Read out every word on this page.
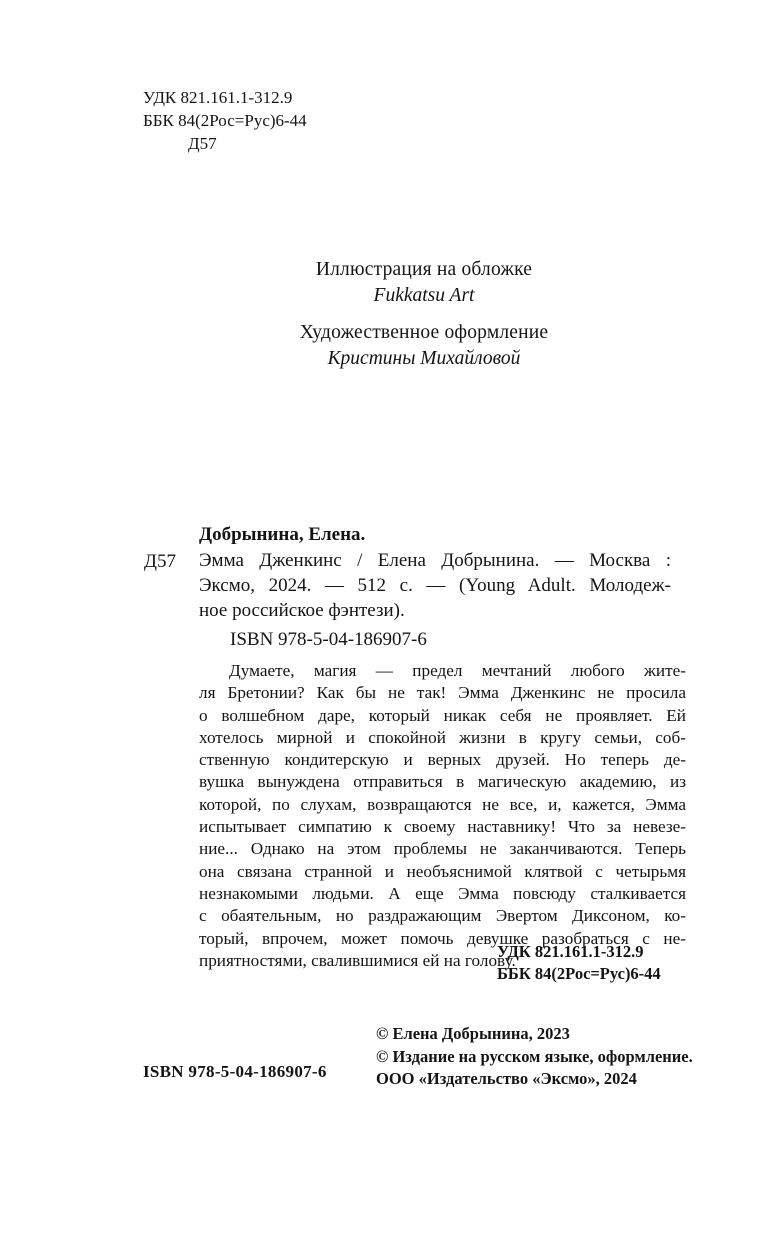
УДК 821.161.1-312.9
ББК 84(2Рос=Рус)6-44
Д57
Иллюстрация на обложке
Fukkatsu Art
Художественное оформление
Кристины Михайловой
Добрынина, Елена.
Д57 Эмма Дженкинс / Елена Добрынина. — Москва :
Эксмо, 2024. — 512 с. — (Young Adult. Молодеж-
ное российское фэнтези).
ISBN 978-5-04-186907-6
Думаете, магия — предел мечтаний любого жите-
ля Бретонии? Как бы не так! Эмма Дженкинс не просила
о волшебном даре, который никак себя не проявляет. Ей
хотелось мирной и спокойной жизни в кругу семьи, соб-
ственную кондитерскую и верных друзей. Но теперь де-
вушка вынуждена отправиться в магическую академию, из
которой, по слухам, возвращаются не все, и, кажется, Эмма
испытывает симпатию к своему наставнику! Что за невезе-
ние... Однако на этом проблемы не заканчиваются. Теперь
она связана странной и необъяснимой клятвой с четырьмя
незнакомыми людьми. А еще Эмма повсюду сталкивается
с обаятельным, но раздражающим Эвертом Диксоном, ко-
торый, впрочем, может помочь девушке разобраться с не-
приятностями, свалившимися ей на голову.
УДК 821.161.1-312.9
ББК 84(2Рос=Рус)6-44
© Елена Добрынина, 2023
© Издание на русском языке, оформление.
ООО «Издательство «Эксмо», 2024
ISBN 978-5-04-186907-6
